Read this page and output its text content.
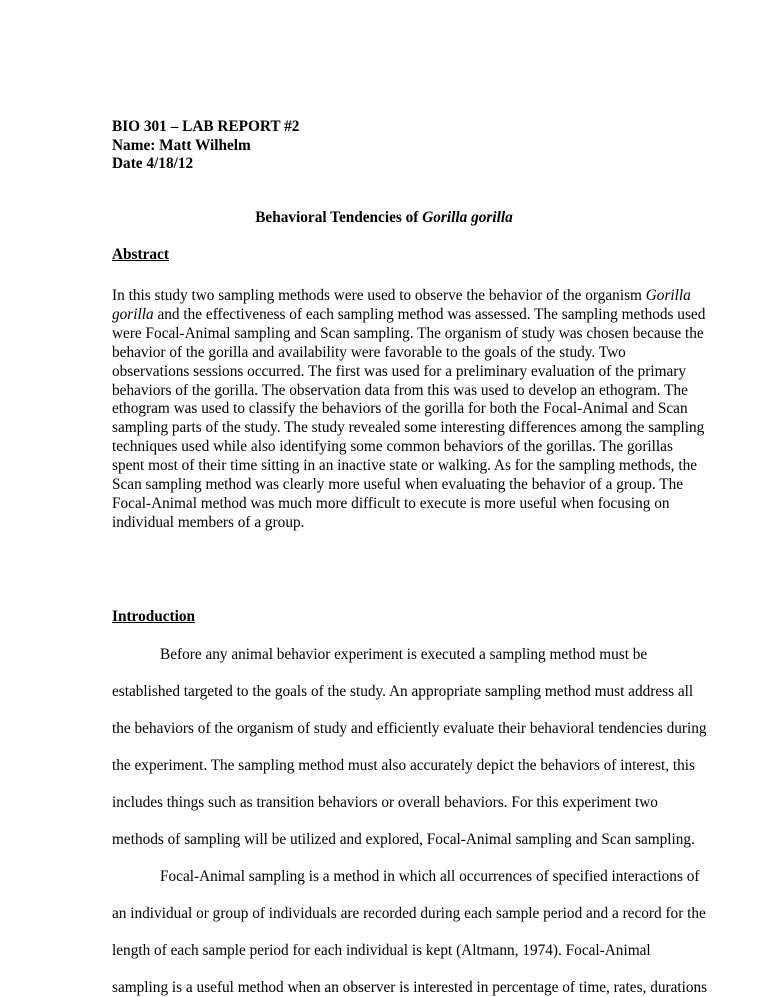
BIO 301 – LAB REPORT #2
Name: Matt Wilhelm
Date 4/18/12
Behavioral Tendencies of Gorilla gorilla
Abstract
In this study two sampling methods were used to observe the behavior of the organism Gorilla
gorilla and the effectiveness of each sampling method was assessed. The sampling methods used
were Focal-Animal sampling and Scan sampling. The organism of study was chosen because the
behavior of the gorilla and availability were favorable to the goals of the study. Two
observations sessions occurred. The first was used for a preliminary evaluation of the primary
behaviors of the gorilla. The observation data from this was used to develop an ethogram. The
ethogram was used to classify the behaviors of the gorilla for both the Focal-Animal and Scan
sampling parts of the study. The study revealed some interesting differences among the sampling
techniques used while also identifying some common behaviors of the gorillas. The gorillas
spent most of their time sitting in an inactive state or walking. As for the sampling methods, the
Scan sampling method was clearly more useful when evaluating the behavior of a group. The
Focal-Animal method was much more difficult to execute is more useful when focusing on
individual members of a group.
Introduction
Before any animal behavior experiment is executed a sampling method must be
established targeted to the goals of the study. An appropriate sampling method must address all
the behaviors of the organism of study and efficiently evaluate their behavioral tendencies during
the experiment. The sampling method must also accurately depict the behaviors of interest, this
includes things such as transition behaviors or overall behaviors. For this experiment two
methods of sampling will be utilized and explored, Focal-Animal sampling and Scan sampling.
Focal-Animal sampling is a method in which all occurrences of specified interactions of
an individual or group of individuals are recorded during each sample period and a record for the
length of each sample period for each individual is kept (Altmann, 1974). Focal-Animal
sampling is a useful method when an observer is interested in percentage of time, rates, durations
